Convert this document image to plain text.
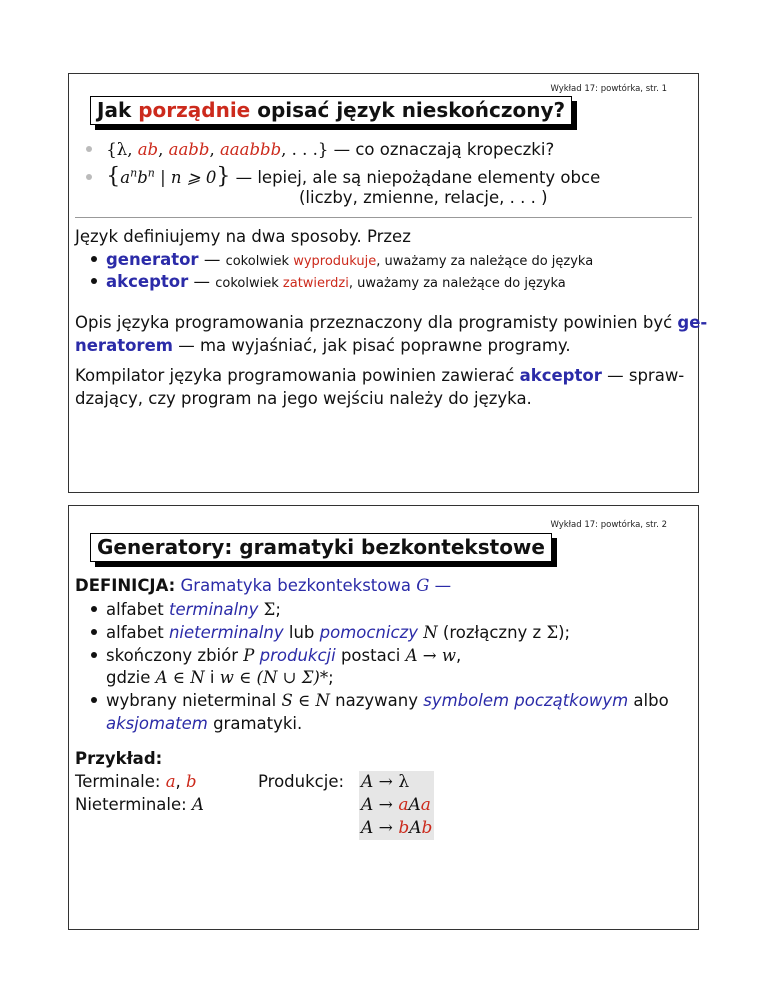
Wykład 17: powtórka, str. 1
Jak porządnie opisać język nieskończony?
{λ, ab, aabb, aaabbb, . . .} — co oznaczają kropeczki?
{$a^nb^n$ | n ⩾ 0} — lepiej, ale są niepożądane elementy obce
(liczby, zmienne, relacje, . . . )
Język definiujemy na dwa sposoby. Przez
generator — cokolwiek wyprodukuje, uważamy za należące do języka
akceptor — cokolwiek zatwierdzi, uważamy za należące do języka
Opis języka programowania przeznaczony dla programisty powinien być ge-
neratorem — ma wyjaśniać, jak pisać poprawne programy.
Kompilator języka programowania powinien zawierać akceptor — spraw-
dzający, czy program na jego wejściu należy do języka.
Wykład 17: powtórka, str. 2
Generatory: gramatyki bezkontekstowe
DEFINICJA: Gramatyka bezkontekstowa G —
alfabet terminalny Σ;
alfabet nieterminalny lub pomocniczy N (rozłączny z Σ);
skończony zbiór P produkcji postaci A → w,
gdzie A ∈ N i w ∈ (N ∪ Σ)*;
wybrany nieterminal S ∈ N nazywany symbolem początkowym albo
aksjomatem gramatyki.
Przykład:
Terminale: a, b
Nieterminale: A
Produkcje: A → λ
A → aAa
A → bAb
